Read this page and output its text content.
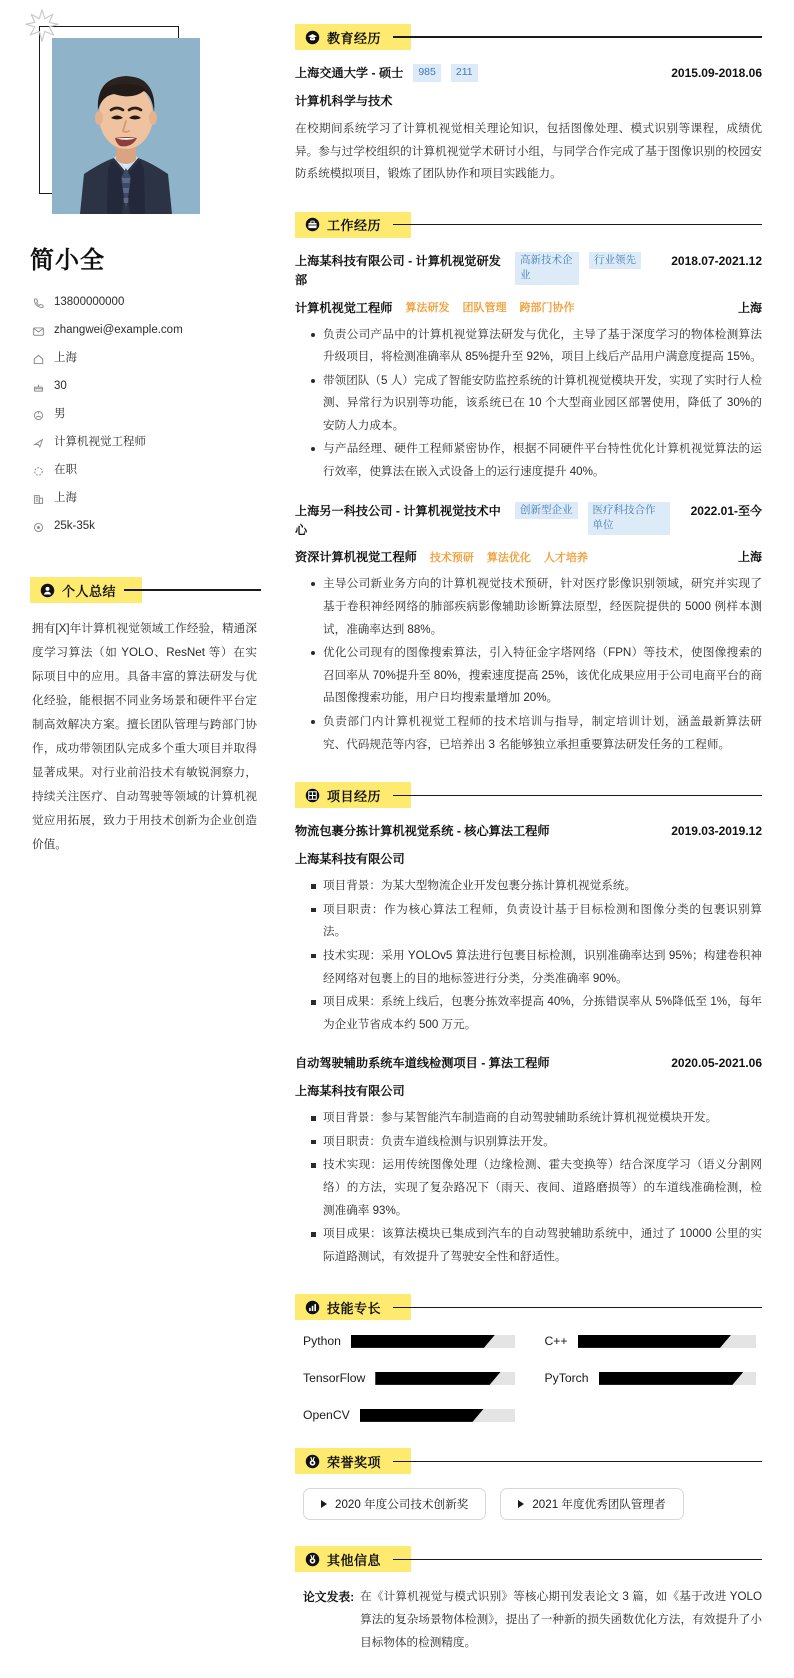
简小全
13800000000
zhangwei@example.com
上海
30
男
计算机视觉工程师
在职
上海
25k-35k
个人总结

拥有[X]年计算机视觉领域工作经验，精通深度学习算法（如 YOLO、ResNet 等）在实际项目中的应用。具备丰富的算法研发与优化经验，能根据不同业务场景和硬件平台定制高效解决方案。擅长团队管理与跨部门协作，成功带领团队完成多个重大项目并取得显著成果。对行业前沿技术有敏锐洞察力，持续关注医疗、自动驾驶等领域的计算机视觉应用拓展，致力于用技术创新为企业创造价值。

教育经历
上海交通大学 - 硕士	985	211	2015.09-2018.06
计算机科学与技术

在校期间系统学习了计算机视觉相关理论知识，包括图像处理、模式识别等课程，成绩优异。参与过学校组织的计算机视觉学术研讨小组，与同学合作完成了基于图像识别的校园安防系统模拟项目，锻炼了团队协作和项目实践能力。

工作经历
上海某科技有限公司 - 计算机视觉研发部
高新技术企业
行业领先	2018.07-2021.12
计算机视觉工程师 算法研发 团队管理 跨部门协作	上海
负责公司产品中的计算机视觉算法研发与优化，主导了基于深度学习的物体检测算法升级项目，将检测准确率从 85%提升至 92%，项目上线后产品用户满意度提高 15%。
带领团队（5 人）完成了智能安防监控系统的计算机视觉模块开发，实现了实时行人检测、异常行为识别等功能，该系统已在 10 个大型商业园区部署使用，降低了 30%的安防人力成本。
与产品经理、硬件工程师紧密协作，根据不同硬件平台特性优化计算机视觉算法的运行效率，使算法在嵌入式设备上的运行速度提升 40%。
上海另一科技公司 - 计算机视觉技术中心
创新型企业	医疗科技合作单位
2022.01-至今
资深计算机视觉工程师 技术预研 算法优化 人才培养	上海
主导公司新业务方向的计算机视觉技术预研，针对医疗影像识别领域，研究并实现了基于卷积神经网络的肺部疾病影像辅助诊断算法原型，经医院提供的 5000 例样本测试，准确率达到 88%。
优化公司现有的图像搜索算法，引入特征金字塔网络（FPN）等技术，使图像搜索的召回率从 70%提升至 80%，搜索速度提高 25%，该优化成果应用于公司电商平台的商品图像搜索功能，用户日均搜索量增加 20%。
负责部门内计算机视觉工程师的技术培训与指导，制定培训计划，涵盖最新算法研究、代码规范等内容，已培养出 3 名能够独立承担重要算法研发任务的工程师。
项目经历
物流包裹分拣计算机视觉系统 - 核心算法工程师	2019.03-2019.12
上海某科技有限公司
项目背景：为某大型物流企业开发包裹分拣计算机视觉系统。
项目职责：作为核心算法工程师，负责设计基于目标检测和图像分类的包裹识别算法。
技术实现：采用 YOLOv5 算法进行包裹目标检测，识别准确率达到 95%；构建卷积神经网络对包裹上的目的地标签进行分类，分类准确率 90%。
项目成果：系统上线后，包裹分拣效率提高 40%，分拣错误率从 5%降低至 1%，每年为企业节省成本约 500 万元。
自动驾驶辅助系统车道线检测项目 - 算法工程师	2020.05-2021.06
上海某科技有限公司
项目背景：参与某智能汽车制造商的自动驾驶辅助系统计算机视觉模块开发。
项目职责：负责车道线检测与识别算法开发。
技术实现：运用传统图像处理（边缘检测、霍夫变换等）结合深度学习（语义分割网络）的方法，实现了复杂路况下（雨天、夜间、道路磨损等）的车道线准确检测，检测准确率 93%。
项目成果：该算法模块已集成到汽车的自动驾驶辅助系统中，通过了 10000 公里的实际道路测试，有效提升了驾驶安全性和舒适性。
技能专长
Python	C++
TensorFlow	PyTorch
OpenCV
荣誉奖项
2020 年度公司技术创新奖	2021 年度优秀团队管理者
其他信息
论文发表: 在《计算机视觉与模式识别》等核心期刊发表论文 3 篇，如《基于改进 YOLO 算法的复杂场景物体检测》，提出了一种新的损失函数优化方法，有效提升了小目标物体的检测精度。
